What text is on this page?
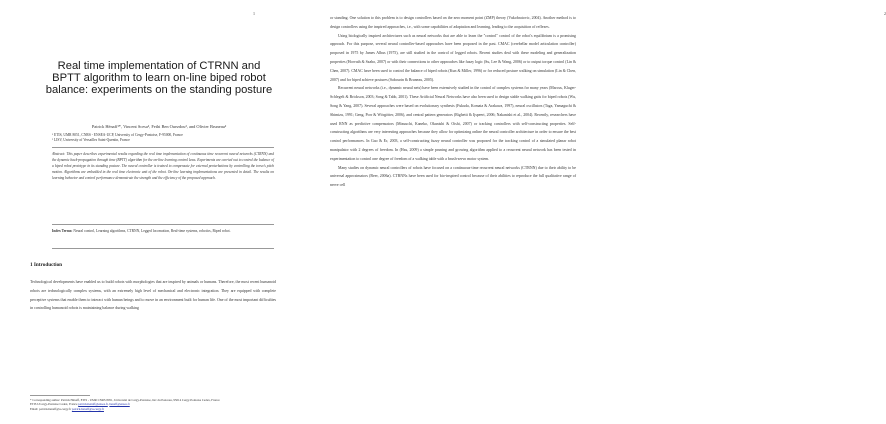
1
Real time implementation of CTRNN and BPTT algorithm to learn on-line biped robot balance: experiments on the standing posture
Patrick Hénaff¹*, Vincent Scesa², Fethi Ben Ouezdou², and Olivier Bruneau²
¹ ETIS, UMR 8051, CNRS - ENSEA-UCP, University of Cergy-Pontoise, F-95000, France
² LISV, University of Versailles Saint-Quentin, France
Abstract: This paper describes experimental results regarding the real time implementation of continuous time recurrent neural networks (CTRNN) and the dynamic back-propagation through time (BPTT) algorithm for the on-line learning control laws. Experiments are carried out to control the balance of a biped robot prototype in its standing posture. The neural controller is trained to compensate for external perturbations by controlling the torso's pitch motion. Algorithms are embedded in the real time electronic unit of the robot. On-line learning implementations are presented in detail. The results on learning behavior and control performance demonstrate the strength and the efficiency of the proposed approach.
Index Terms: Neural control, Learning algorithms, CTRNN, Legged locomotion, Real-time systems, robotics, Biped robot.
1 Introduction

Technological developments have enabled us to build robots with morphologies that are inspired by animals or humans. Therefore, the most recent humanoid robots are technologically complex systems, with an extremely high level of mechanical and electronic integration. They are equipped with complete perceptive systems that enable them to interact with human beings and to move in an environment built for human life. One of the most important difficulties in controlling humanoid robots is maintaining balance during walking

* Corresponding author: Patrick Hénaff, ETIS - UMR CNRS 8051, Université de Cergy-Pontoise, 6av du Ponceau, 95014 Cergy-Pontoise Cedex, France
ETIS UCergy-Pontoise Cedex, France patrick.henaff@ensea.fr, henaff@ensea.fr
Email: patrick.henaff@u-cergy.fr patrick.henaff@u-cergy.fr
2

or standing. One solution to this problem is to design controllers based on the zero moment point (ZMP) theory (Vukobratovic, 2004). Another method is to design controllers using the inspired approaches, i.e., with some capabilities of adaptation and learning, leading to the acquisition of reflexes.

Using biologically inspired architectures such as neural networks that are able to learn the "control" control of the robot's equilibrium is a promising approach. For this purpose, several neural controller-based approaches have been proposed in the past. CMAC (cerebellar model articulation controller) proposed in 1975 by James Albus (1975), are still studied in the control of legged robots. Recent studies deal with these modeling and generalization properties (Horvath & Szabo, 2007) or with their connections to other approaches like fuzzy logic (Su, Lee & Wang, 2006) or to output torque control (Lin & Chen, 2007). CMAC have been used to control the balance of biped robots (Kun & Miller, 1996) or for reduced posture walking on simulation (Lin & Chen, 2007) and for biped achieve postures (Sabourin & Bruneau, 2005).

Recurrent neural networks (i.e., dynamic neural nets) have been extensively studied in the control of complex systems for many years (Marcus, Kluger-Schlegelt & Brickson, 2003; Song & Tabb, 2001). These Artificial Neural Networks have also been used to design stable walking gaits for biped robots (Wu, Song & Yang, 2007). Several approaches were based on evolutionary synthesis (Fukuda, Komata & Arakawa, 1997), neural oscillators (Taga, Yamaguchi & Shimizu, 1991; Geng, Porr & Wörgötter, 2006), and central pattern generators (Righetti & Ijspeert, 2006; Nakanishi et al., 2004). Recently, researchers have used RNN as predictive compensators (Mizuuchi, Kaneko, Okanishi & Oishi, 2007) or tracking controllers with self-constructing properties. Self-constructing algorithms are very interesting approaches because they allow for optimizing online the neural controller architecture in order to ensure the best control performances. In Gao & Er, 2003, a self-constructing fuzzy neural controller was proposed for the tracking control of a simulated planar robot manipulator with 2 degrees of freedom. In (Hsu, 2009) a simple pruning and growing algorithm applied to a recurrent neural network has been tested in experimentation to control one degree of freedom of a walking table with a brush-servo motor system.

Many studies on dynamic neural controllers of robots have focused on a continuous-time recurrent neural networks (CTRNN) due to their ability to be universal approximators (Beer, 2006a). CTRNNs have been used for bio-inspired control because of their abilities to reproduce the full qualitative range of nerve cell
